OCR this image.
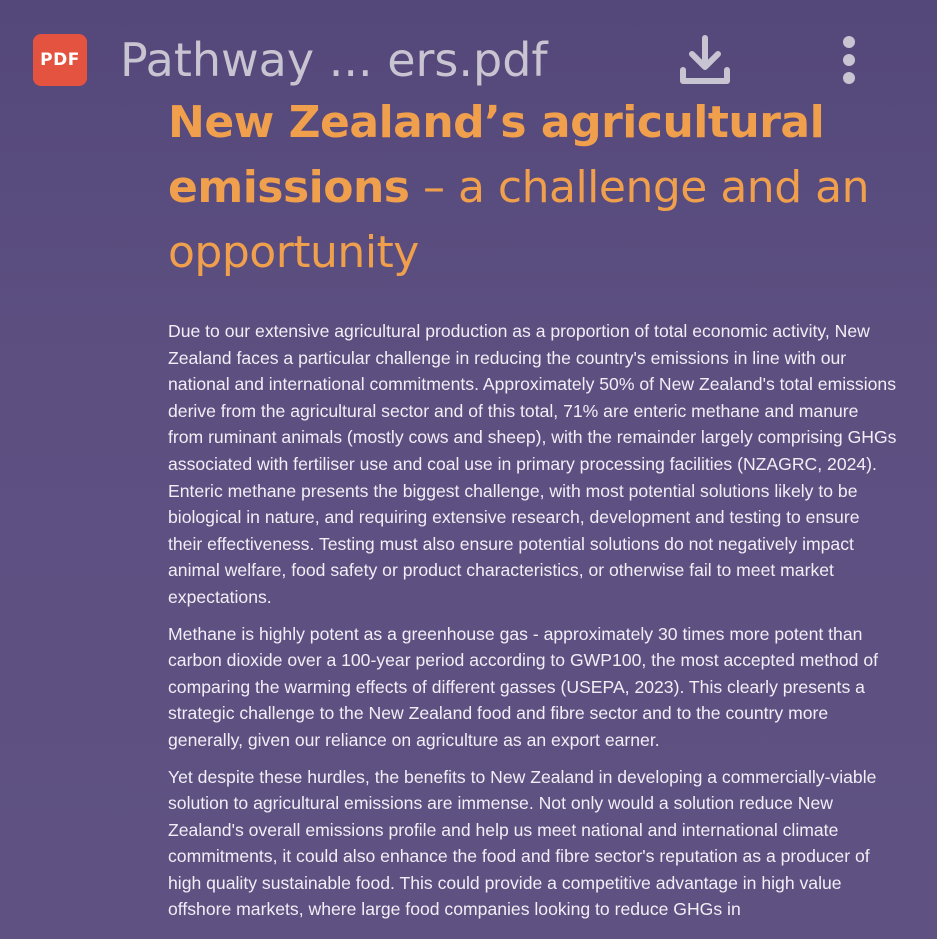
New Zealand’s agricultural emissions – a challenge and an opportunity

Due to our extensive agricultural production as a proportion of total economic activity, New Zealand faces a particular challenge in reducing the country's emissions in line with our national and international commitments. Approximately 50% of New Zealand's total emissions derive from the agricultural sector and of this total, 71% are enteric methane and manure from ruminant animals (mostly cows and sheep), with the remainder largely comprising GHGs associated with fertiliser use and coal use in primary processing facilities (NZAGRC, 2024). Enteric methane presents the biggest challenge, with most potential solutions likely to be biological in nature, and requiring extensive research, development and testing to ensure their effectiveness. Testing must also ensure potential solutions do not negatively impact animal welfare, food safety or product characteristics, or otherwise fail to meet market expectations.

Methane is highly potent as a greenhouse gas - approximately 30 times more potent than carbon dioxide over a 100-year period according to GWP100, the most accepted method of comparing the warming effects of different gasses (USEPA, 2023). This clearly presents a strategic challenge to the New Zealand food and fibre sector and to the country more generally, given our reliance on agriculture as an export earner.

Yet despite these hurdles, the benefits to New Zealand in developing a commercially-viable solution to agricultural emissions are immense. Not only would a solution reduce New Zealand's overall emissions profile and help us meet national and international climate commitments, it could also enhance the food and fibre sector's reputation as a producer of high quality sustainable food. This could provide a competitive advantage in high value offshore markets, where large food companies looking to reduce GHGs in

PDF Pathway ... ers.pdf
